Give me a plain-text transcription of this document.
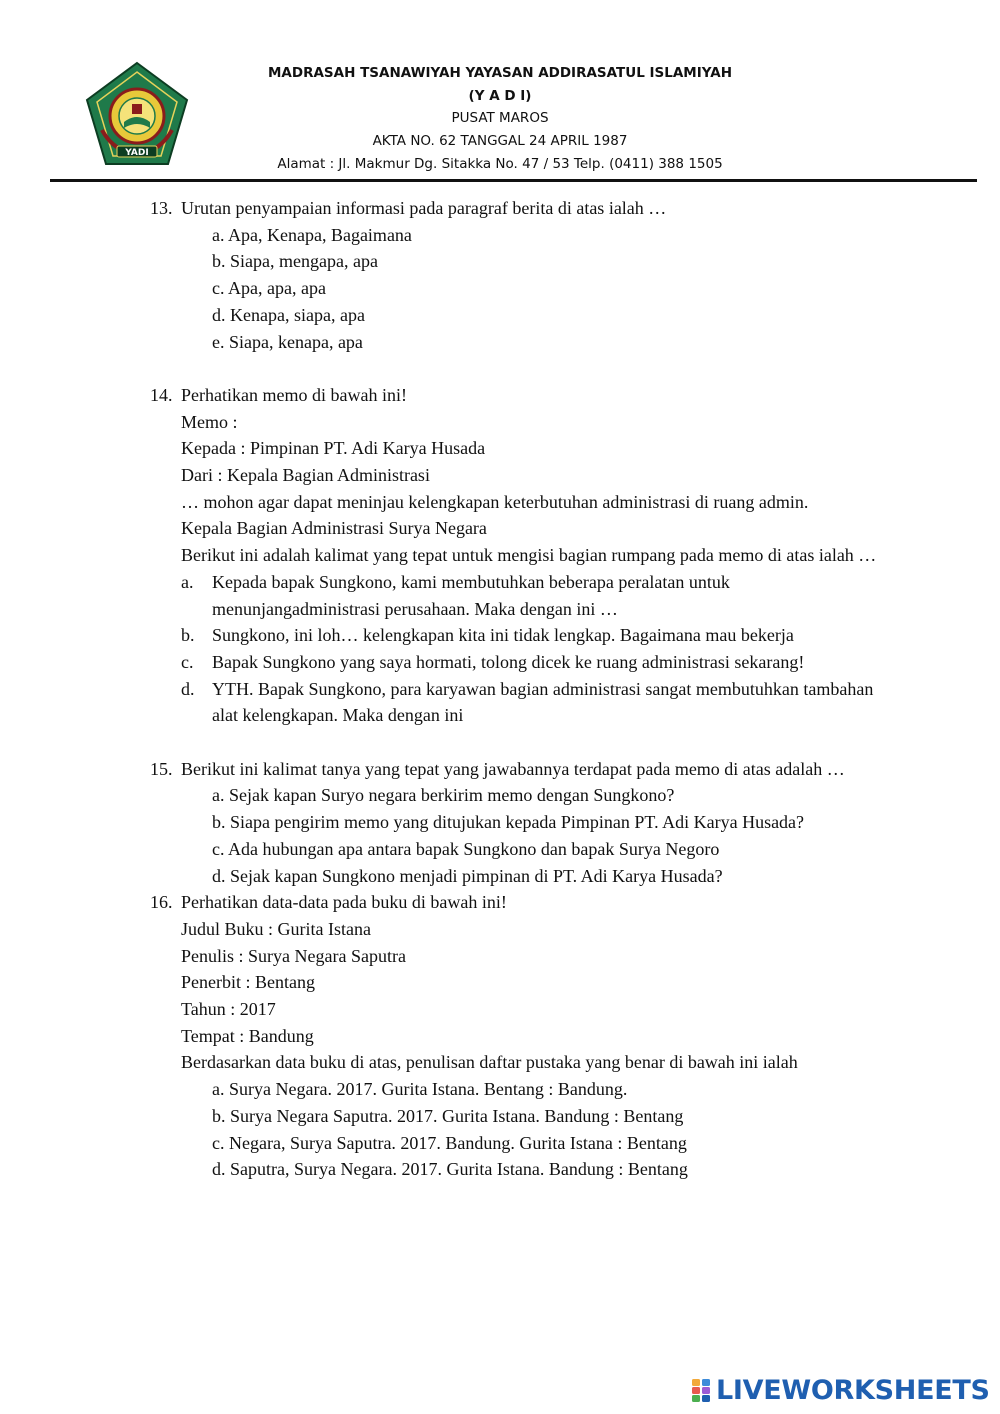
YADI
MADRASAH TSANAWIYAH YAYASAN ADDIRASATUL ISLAMIYAH
(Y A D I)
PUSAT MAROS
AKTA NO. 62 TANGGAL 24 APRIL 1987
Alamat : Jl. Makmur Dg. Sitakka No. 47 / 53 Telp. (0411) 388 1505
13. Urutan penyampaian informasi pada paragraf berita di atas ialah …
a. Apa, Kenapa, Bagaimana
b. Siapa, mengapa, apa
c. Apa, apa, apa
d. Kenapa, siapa, apa
e. Siapa, kenapa, apa
14. Perhatikan memo di bawah ini!
Memo :
Kepada : Pimpinan PT. Adi Karya Husada
Dari : Kepala Bagian Administrasi
… mohon agar dapat meninjau kelengkapan keterbutuhan administrasi di ruang admin.
Kepala Bagian Administrasi Surya Negara
Berikut ini adalah kalimat yang tepat untuk mengisi bagian rumpang pada memo di atas ialah …
a. Kepada bapak Sungkono, kami membutuhkan beberapa peralatan untuk menunjangadministrasi perusahaan. Maka dengan ini …
b. Sungkono, ini loh… kelengkapan kita ini tidak lengkap. Bagaimana mau bekerja
c. Bapak Sungkono yang saya hormati, tolong dicek ke ruang administrasi sekarang!
d. YTH. Bapak Sungkono, para karyawan bagian administrasi sangat membutuhkan tambahan alat kelengkapan. Maka dengan ini
15. Berikut ini kalimat tanya yang tepat yang jawabannya terdapat pada memo di atas adalah …
a. Sejak kapan Suryo negara berkirim memo dengan Sungkono?
b. Siapa pengirim memo yang ditujukan kepada Pimpinan PT. Adi Karya Husada?
c. Ada hubungan apa antara bapak Sungkono dan bapak Surya Negoro
d. Sejak kapan Sungkono menjadi pimpinan di PT. Adi Karya Husada?
16. Perhatikan data-data pada buku di bawah ini!
Judul Buku : Gurita Istana
Penulis : Surya Negara Saputra
Penerbit : Bentang
Tahun : 2017
Tempat : Bandung
Berdasarkan data buku di atas, penulisan daftar pustaka yang benar di bawah ini ialah
a. Surya Negara. 2017. Gurita Istana. Bentang : Bandung.
b. Surya Negara Saputra. 2017. Gurita Istana. Bandung : Bentang
c. Negara, Surya Saputra. 2017. Bandung. Gurita Istana : Bentang
d. Saputra, Surya Negara. 2017. Gurita Istana. Bandung : Bentang
LIVEWORKSHEETS
